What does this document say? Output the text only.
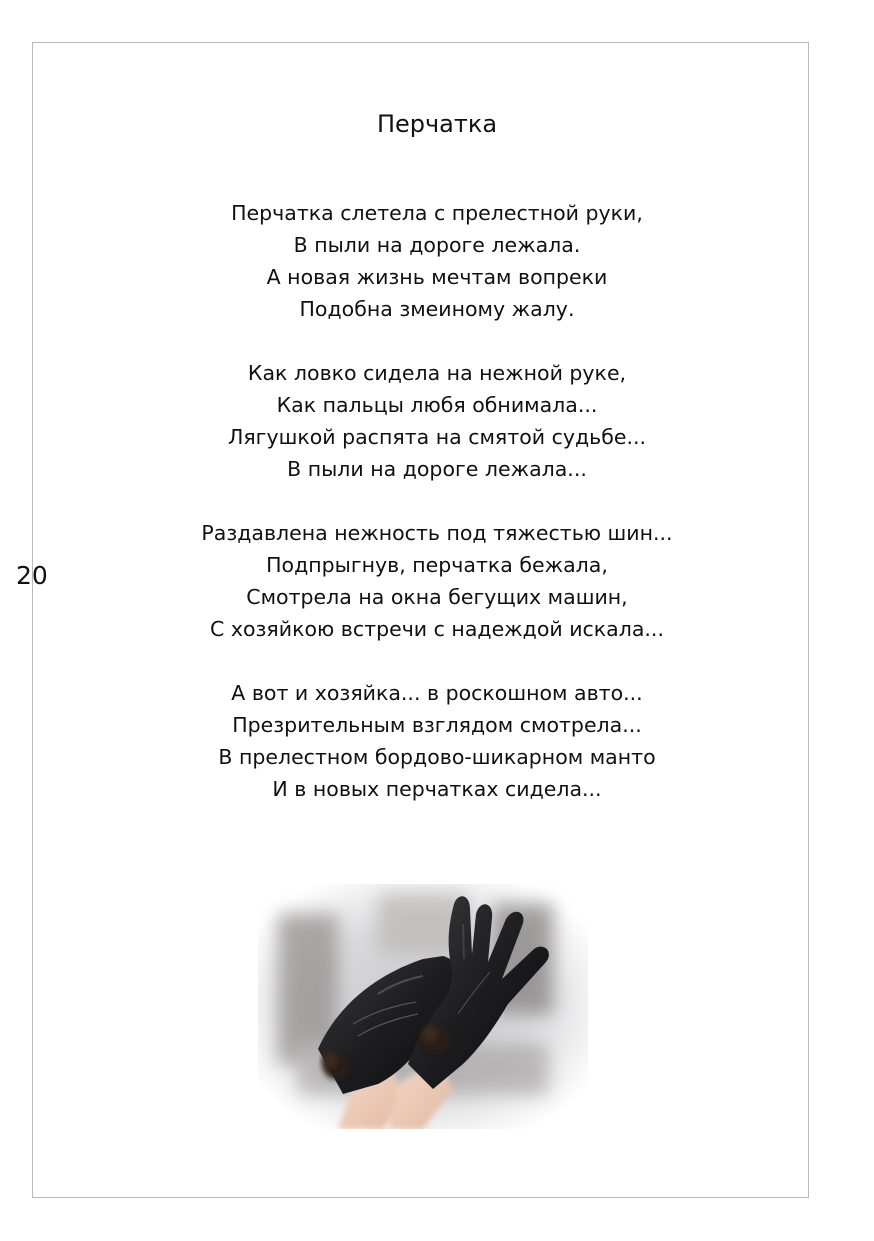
20
Перчатка
Перчатка слетела с прелестной руки,
В пыли на дороге лежала.
А новая жизнь мечтам вопреки
Подобна змеиному жалу.
Как ловко сидела на нежной руке,
Как пальцы любя обнимала...
Лягушкой распята на смятой судьбе...
В пыли на дороге лежала...
Раздавлена нежность под тяжестью шин...
Подпрыгнув, перчатка бежала,
Смотрела на окна бегущих машин,
С хозяйкою встречи с надеждой искала...
А вот и хозяйка... в роскошном авто...
Презрительным взглядом смотрела...
В прелестном бордово-шикарном манто
И в новых перчатках сидела...
